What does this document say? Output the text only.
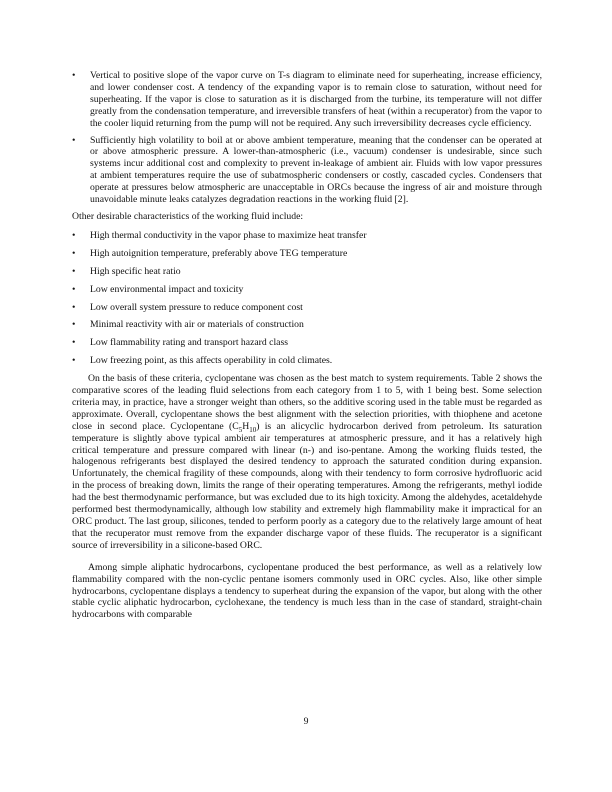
• Vertical to positive slope of the vapor curve on T-s diagram to eliminate need for superheating, increase efficiency, and lower condenser cost. A tendency of the expanding vapor is to remain close to saturation, without need for superheating. If the vapor is close to saturation as it is discharged from the turbine, its temperature will not differ greatly from the condensation temperature, and irreversible transfers of heat (within a recuperator) from the vapor to the cooler liquid returning from the pump will not be required. Any such irreversibility decreases cycle efficiency.
• Sufficiently high volatility to boil at or above ambient temperature, meaning that the condenser can be operated at or above atmospheric pressure. A lower-than-atmospheric (i.e., vacuum) condenser is undesirable, since such systems incur additional cost and complexity to prevent in-leakage of ambient air. Fluids with low vapor pressures at ambient temperatures require the use of subatmospheric condensers or costly, cascaded cycles. Condensers that operate at pressures below atmospheric are unacceptable in ORCs because the ingress of air and moisture through unavoidable minute leaks catalyzes degradation reactions in the working fluid [2].

Other desirable characteristics of the working fluid include:

• High thermal conductivity in the vapor phase to maximize heat transfer
• High autoignition temperature, preferably above TEG temperature
• High specific heat ratio
• Low environmental impact and toxicity
• Low overall system pressure to reduce component cost
• Minimal reactivity with air or materials of construction
• Low flammability rating and transport hazard class
• Low freezing point, as this affects operability in cold climates.

On the basis of these criteria, cyclopentane was chosen as the best match to system requirements. Table 2 shows the comparative scores of the leading fluid selections from each category from 1 to 5, with 1 being best. Some selection criteria may, in practice, have a stronger weight than others, so the additive scoring used in the table must be regarded as approximate. Overall, cyclopentane shows the best alignment with the selection priorities, with thiophene and acetone close in second place. Cyclopentane $(C_5H_{10})$ is an alicyclic hydrocarbon derived from petroleum. Its saturation temperature is slightly above typical ambient air temperatures at atmospheric pressure, and it has a relatively high critical temperature and pressure compared with linear (n-) and iso-pentane. Among the working fluids tested, the halogenous refrigerants best displayed the desired tendency to approach the saturated condition during expansion. Unfortunately, the chemical fragility of these compounds, along with their tendency to form corrosive hydrofluoric acid in the process of breaking down, limits the range of their operating temperatures. Among the refrigerants, methyl iodide had the best thermodynamic performance, but was excluded due to its high toxicity. Among the aldehydes, acetaldehyde performed best thermodynamically, although low stability and extremely high flammability make it impractical for an ORC product. The last group, silicones, tended to perform poorly as a category due to the relatively large amount of heat that the recuperator must remove from the expander discharge vapor of these fluids. The recuperator is a significant source of irreversibility in a silicone-based ORC.

Among simple aliphatic hydrocarbons, cyclopentane produced the best performance, as well as a relatively low flammability compared with the non-cyclic pentane isomers commonly used in ORC cycles. Also, like other simple hydrocarbons, cyclopentane displays a tendency to superheat during the expansion of the vapor, but along with the other stable cyclic aliphatic hydrocarbon, cyclohexane, the tendency is much less than in the case of standard, straight-chain hydrocarbons with comparable

9
